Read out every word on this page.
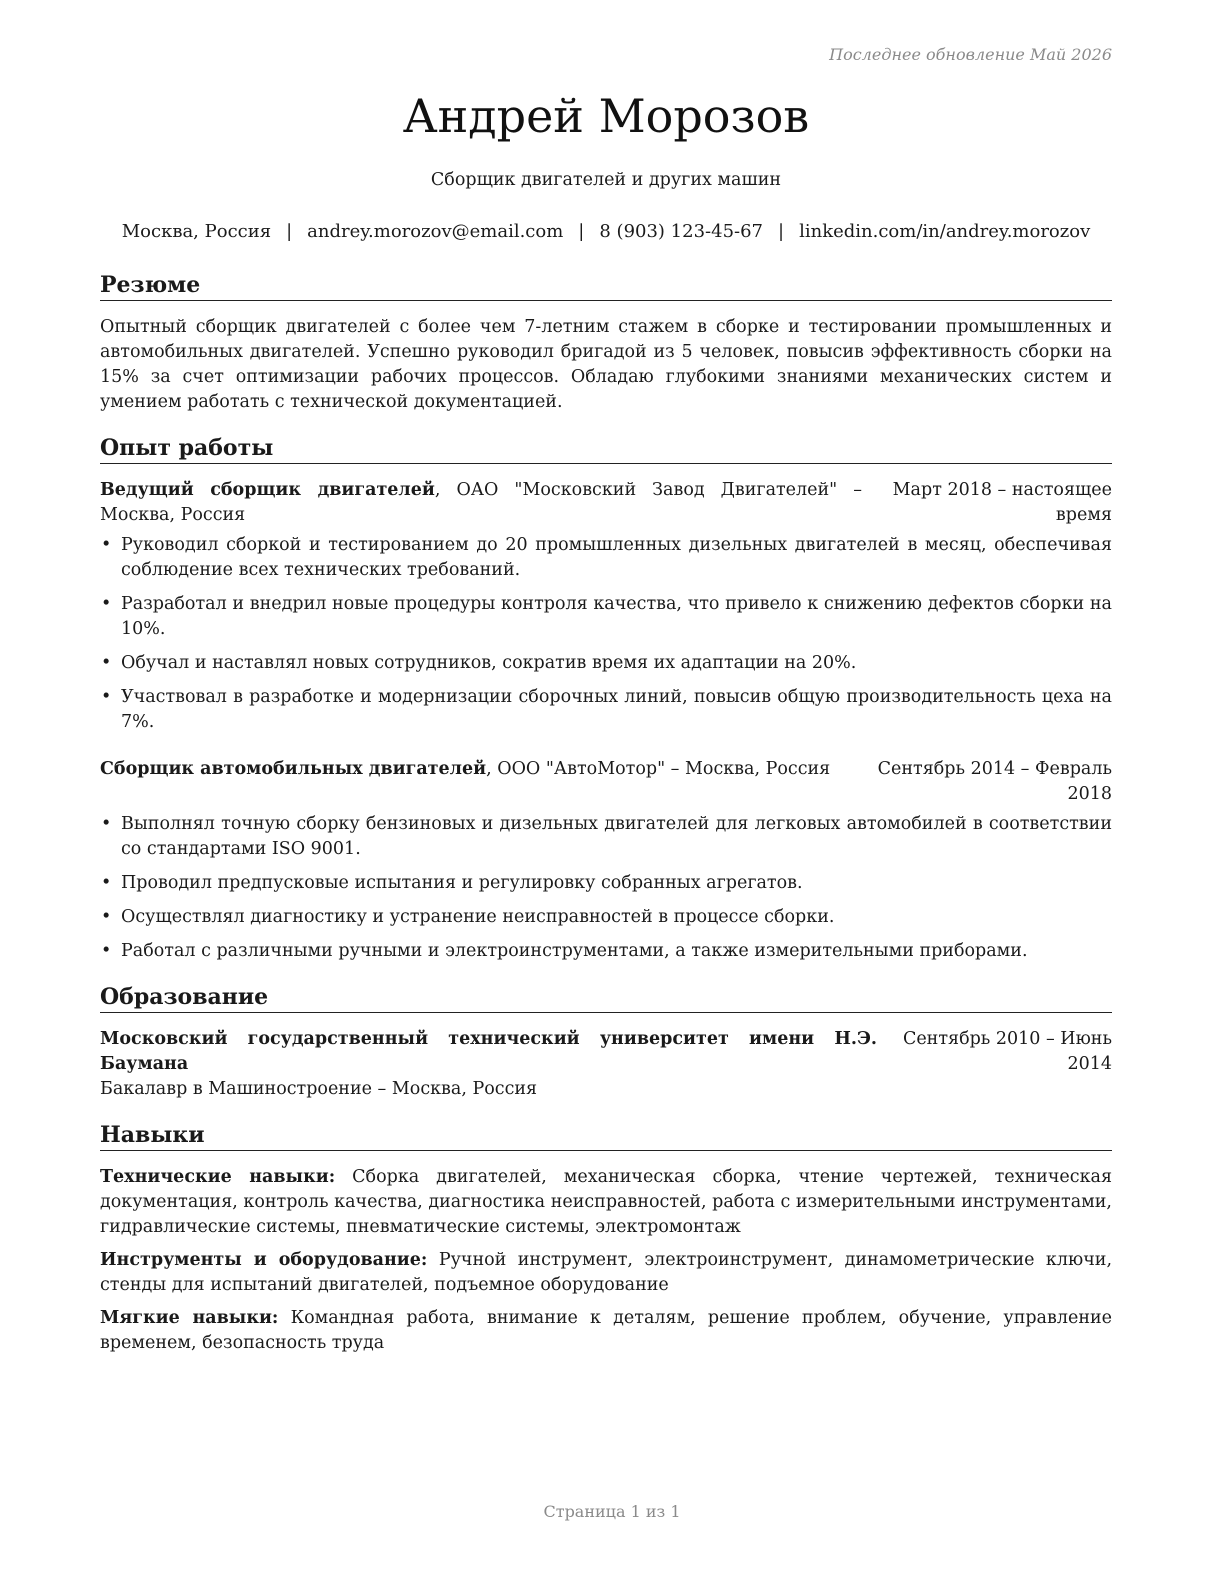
Последнее обновление Май 2026
Андрей Морозов
Сборщик двигателей и других машин
Москва, Россия | andrey.morozov@email.com | 8 (903) 123-45-67 | linkedin.com/in/andrey.morozov
Резюме

Опытный сборщик двигателей с более чем 7-летним стажем в сборке и тестировании промышленных и автомобильных двигателей. Успешно руководил бригадой из 5 человек, повысив эффективность сборки на 15% за счет оптимизации рабочих процессов. Обладаю глубокими знаниями механических систем и умением работать с технической документацией.

Опыт работы
Ведущий сборщик двигателей, ОАО "Московский Завод Двигателей" – Москва, Россия
Март 2018 – настоящее время
• Руководил сборкой и тестированием до 20 промышленных дизельных двигателей в месяц, обеспечивая соблюдение всех технических требований.
• Разработал и внедрил новые процедуры контроля качества, что привело к снижению дефектов сборки на 10%.
• Обучал и наставлял новых сотрудников, сократив время их адаптации на 20%.
• Участвовал в разработке и модернизации сборочных линий, повысив общую производительность цеха на 7%.
Сборщик автомобильных двигателей, ООО "АвтоМотор" – Москва, Россия	Сентябрь 2014 – Февраль 2018
• Выполнял точную сборку бензиновых и дизельных двигателей для легковых автомобилей в соответствии со стандартами ISO 9001.
• Проводил предпусковые испытания и регулировку собранных агрегатов.
• Осуществлял диагностику и устранение неисправностей в процессе сборки.
• Работал с различными ручными и электроинструментами, а также измерительными приборами.
Образование
Московский государственный технический университет имени Н.Э. Баумана
Бакалавр в Машиностроение – Москва, Россия
Сентябрь 2010 – Июнь 2014
Навыки
Технические навыки: Сборка двигателей, механическая сборка, чтение чертежей, техническая документация, контроль качества, диагностика неисправностей, работа с измерительными инструментами, гидравлические системы, пневматические системы, электромонтаж
Инструменты и оборудование: Ручной инструмент, электроинструмент, динамометрические ключи, стенды для испытаний двигателей, подъемное оборудование
Мягкие навыки: Командная работа, внимание к деталям, решение проблем, обучение, управление временем, безопасность труда
Страница 1 из 1
